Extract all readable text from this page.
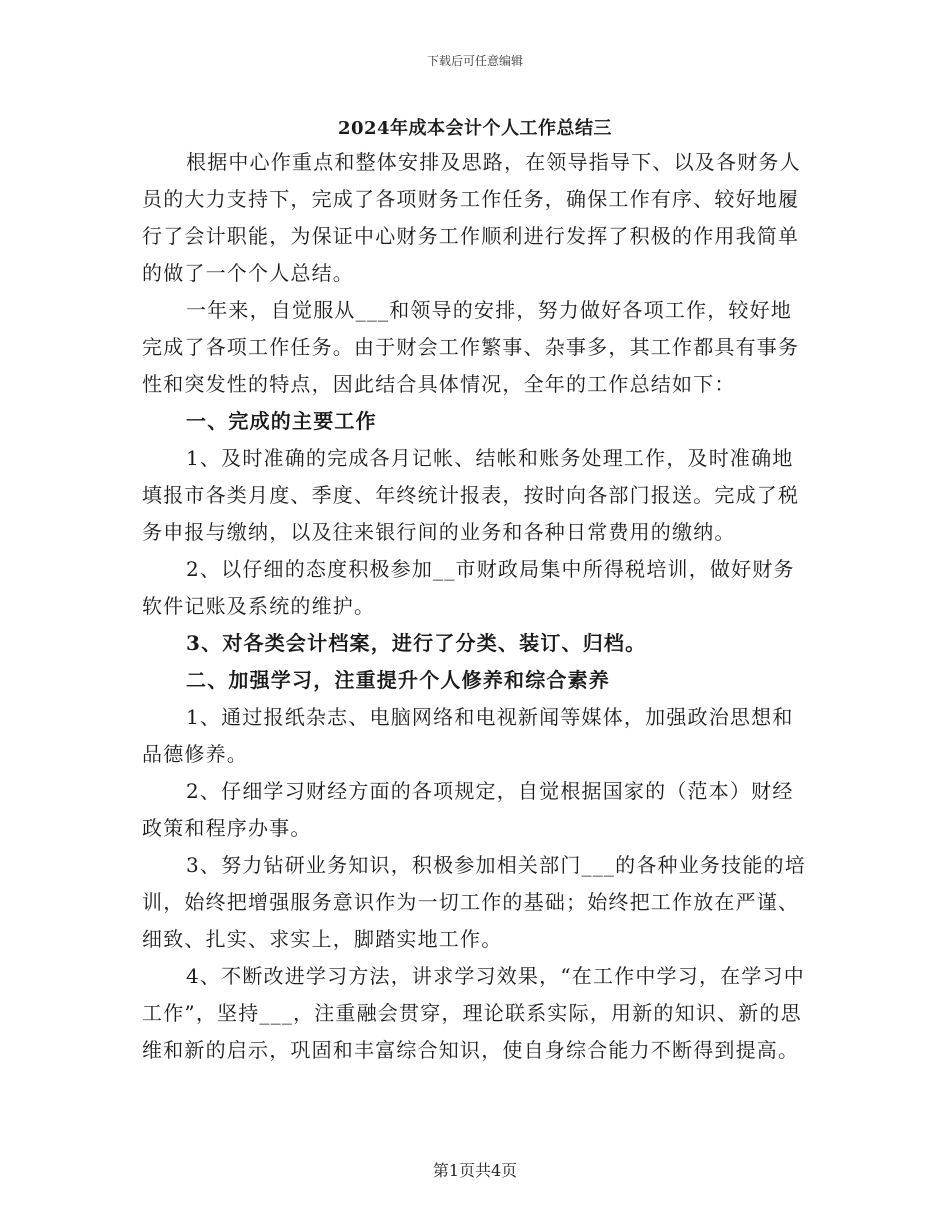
下载后可任意编辑
2024年成本会计个人工作总结三

根据中心作重点和整体安排及思路，在领导指导下、以及各财务人员的大力支持下，完成了各项财务工作任务，确保工作有序、较好地履行了会计职能，为保证中心财务工作顺利进行发挥了积极的作用我简单的做了一个个人总结。

一年来，自觉服从___和领导的安排，努力做好各项工作，较好地完成了各项工作任务。由于财会工作繁事、杂事多，其工作都具有事务性和突发性的特点，因此结合具体情况，全年的工作总结如下：

一、完成的主要工作

1、及时准确的完成各月记帐、结帐和账务处理工作，及时准确地填报市各类月度、季度、年终统计报表，按时向各部门报送。完成了税务申报与缴纳，以及往来银行间的业务和各种日常费用的缴纳。

2、以仔细的态度积极参加__市财政局集中所得税培训，做好财务软件记账及系统的维护。

3、对各类会计档案，进行了分类、装订、归档。

二、加强学习，注重提升个人修养和综合素养

1、通过报纸杂志、电脑网络和电视新闻等媒体，加强政治思想和品德修养。

2、仔细学习财经方面的各项规定，自觉根据国家的（范本）财经政策和程序办事。

3、努力钻研业务知识，积极参加相关部门___的各种业务技能的培训，始终把增强服务意识作为一切工作的基础；始终把工作放在严谨、细致、扎实、求实上，脚踏实地工作。

4、不断改进学习方法，讲求学习效果，“在工作中学习，在学习中工作”，坚持___，注重融会贯穿，理论联系实际，用新的知识、新的思维和新的启示，巩固和丰富综合知识，使自身综合能力不断得到提高。

第1页共4页
